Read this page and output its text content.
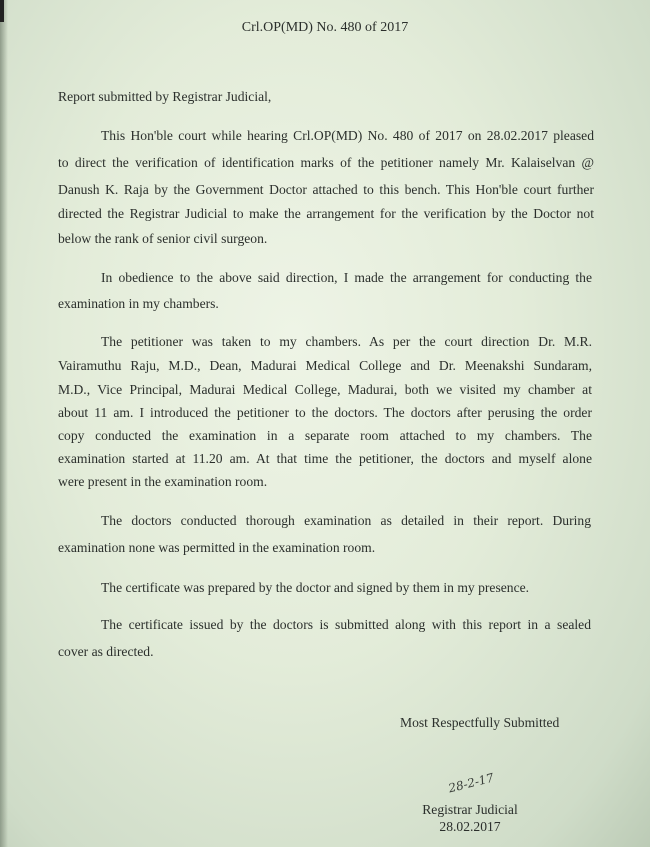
Crl.OP(MD) No. 480 of 2017
Report submitted by Registrar Judicial,
This Hon'ble court while hearing Crl.OP(MD) No. 480 of 2017 on 28.02.2017 pleased
to direct the verification of identification marks of the petitioner namely Mr. Kalaiselvan @
Danush K. Raja by the Government Doctor attached to this bench. This Hon'ble court further
directed the Registrar Judicial to make the arrangement for the verification by the Doctor not
below the rank of senior civil surgeon.
In obedience to the above said direction, I made the arrangement for conducting the
examination in my chambers.
The petitioner was taken to my chambers. As per the court direction Dr. M.R.
Vairamuthu Raju, M.D., Dean, Madurai Medical College and Dr. Meenakshi Sundaram,
M.D., Vice Principal, Madurai Medical College, Madurai, both we visited my chamber at
about 11 am. I introduced the petitioner to the doctors. The doctors after perusing the order
copy conducted the examination in a separate room attached to my chambers. The
examination started at 11.20 am. At that time the petitioner, the doctors and myself alone
were present in the examination room.
The doctors conducted thorough examination as detailed in their report. During
examination none was permitted in the examination room.
The certificate was prepared by the doctor and signed by them in my presence.
The certificate issued by the doctors is submitted along with this report in a sealed
cover as directed.
Most Respectfully Submitted
28-2-17
Registrar Judicial
28.02.2017
